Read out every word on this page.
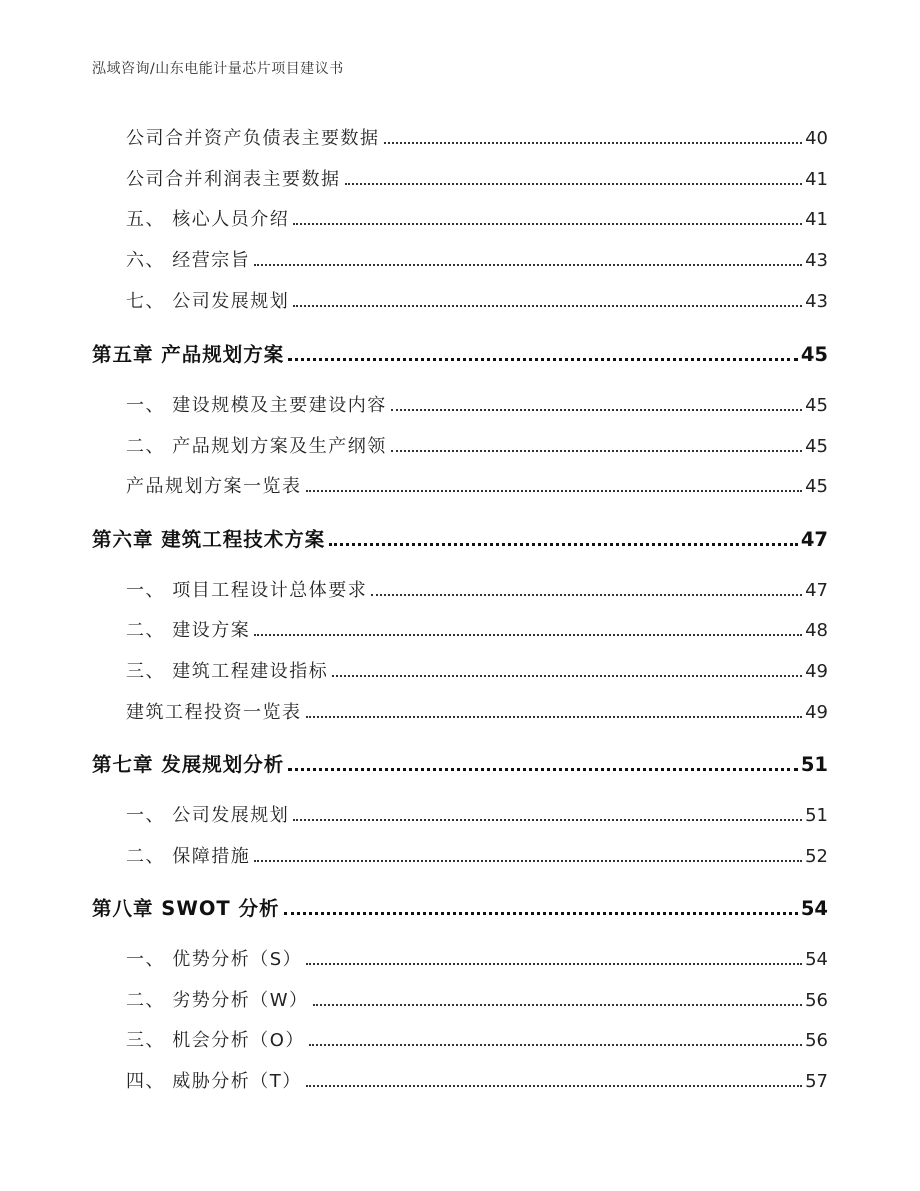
泓域咨询/山东电能计量芯片项目建议书
公司合并资产负债表主要数据	40
公司合并利润表主要数据	41
五、 核心人员介绍	41
六、 经营宗旨	43
七、 公司发展规划	43
第五章 产品规划方案	45
一、 建设规模及主要建设内容	45
二、 产品规划方案及生产纲领	45
产品规划方案一览表	45
第六章 建筑工程技术方案	47
一、 项目工程设计总体要求	47
二、 建设方案	48
三、 建筑工程建设指标	49
建筑工程投资一览表	49
第七章 发展规划分析	51
一、 公司发展规划	51
二、 保障措施	52
第八章 SWOT 分析	54
一、 优势分析（S）	54
二、 劣势分析（W）	56
三、 机会分析（O）	56
四、 威胁分析（T）	57
